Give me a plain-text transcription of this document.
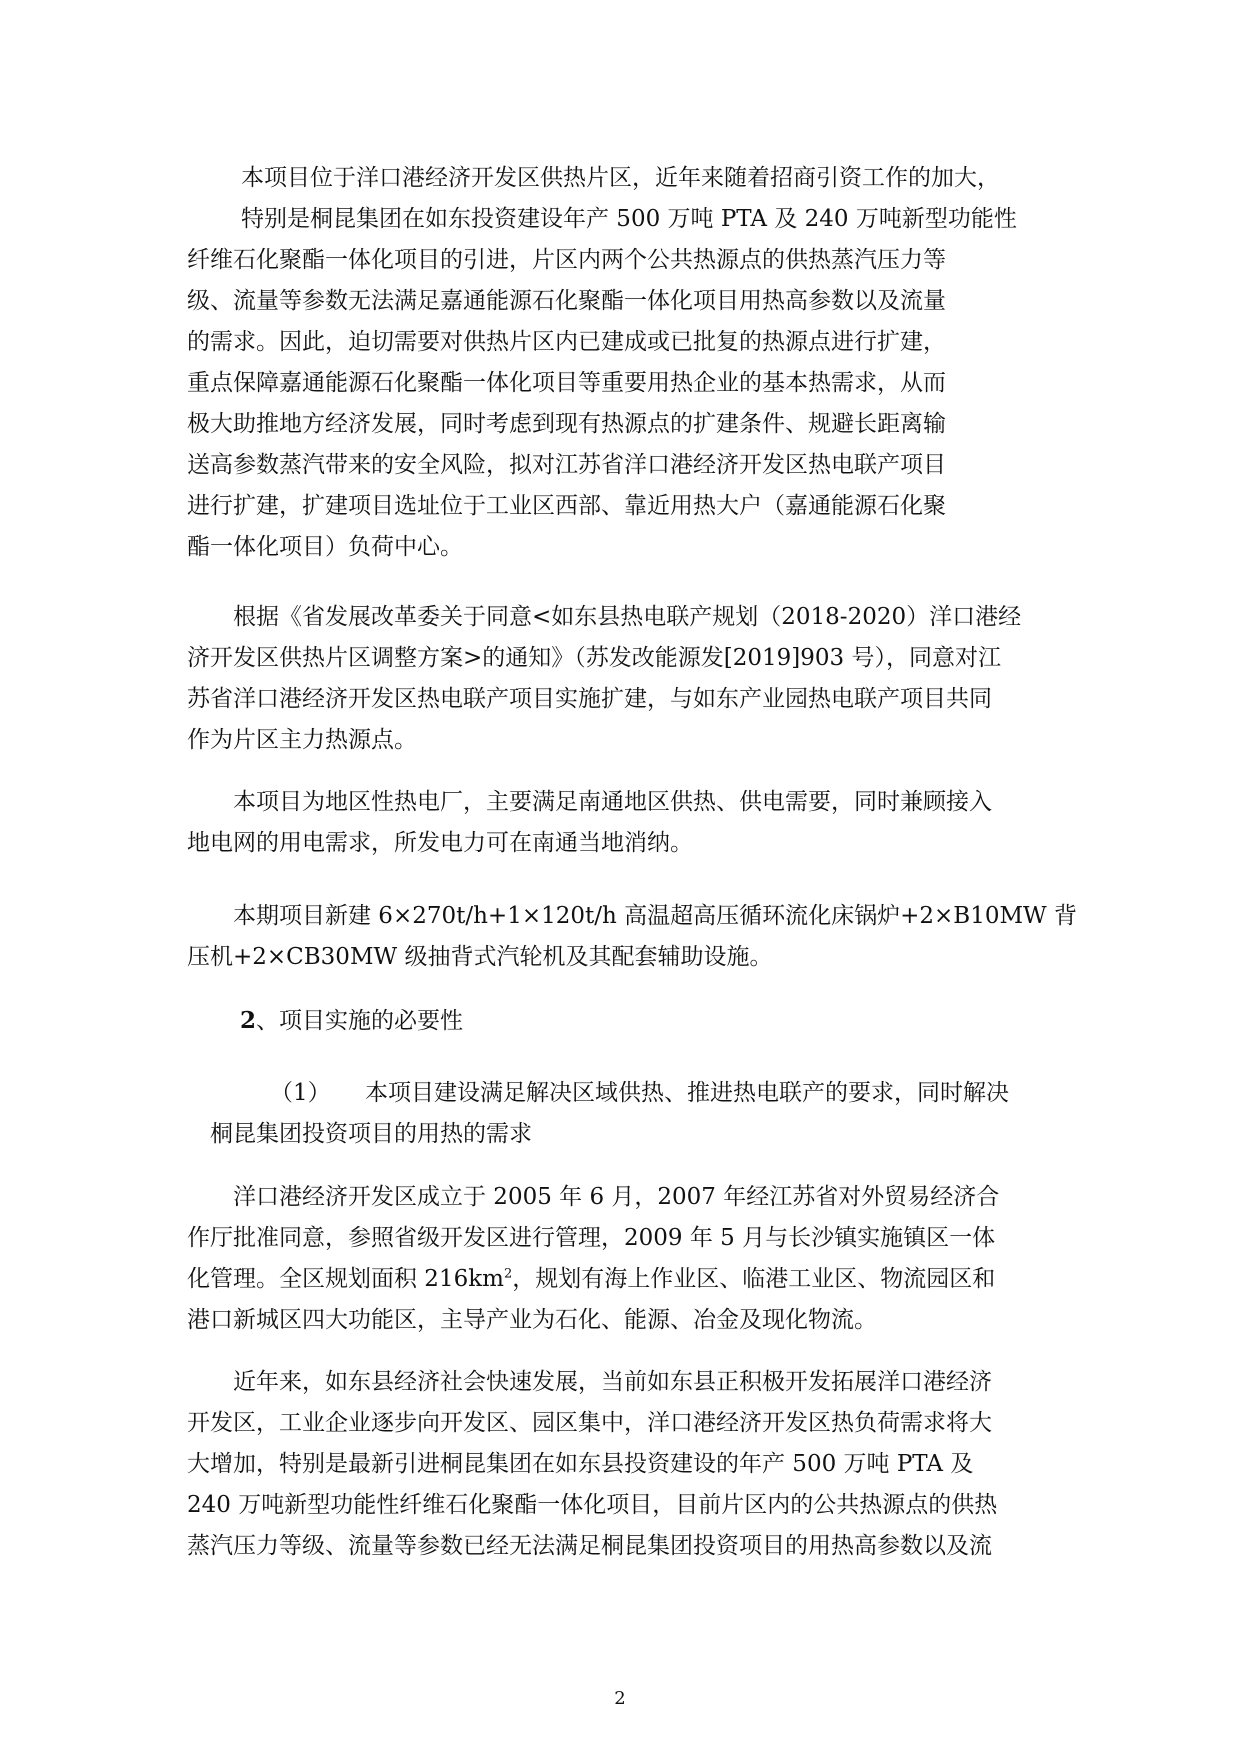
本项目位于洋口港经济开发区供热片区，近年来随着招商引资工作的加大，
特别是桐昆集团在如东投资建设年产 500 万吨 PTA 及 240 万吨新型功能性
纤维石化聚酯一体化项目的引进，片区内两个公共热源点的供热蒸汽压力等
级、流量等参数无法满足嘉通能源石化聚酯一体化项目用热高参数以及流量
的需求。因此，迫切需要对供热片区内已建成或已批复的热源点进行扩建，
重点保障嘉通能源石化聚酯一体化项目等重要用热企业的基本热需求，从而
极大助推地方经济发展，同时考虑到现有热源点的扩建条件、规避长距离输
送高参数蒸汽带来的安全风险，拟对江苏省洋口港经济开发区热电联产项目
进行扩建，扩建项目选址位于工业区西部、靠近用热大户（嘉通能源石化聚
酯一体化项目）负荷中心。
　　根据《省发展改革委关于同意<如东县热电联产规划（2018-2020）洋口港经
济开发区供热片区调整方案>的通知》（苏发改能源发[2019]903 号），同意对江
苏省洋口港经济开发区热电联产项目实施扩建，与如东产业园热电联产项目共同
作为片区主力热源点。
　　本项目为地区性热电厂，主要满足南通地区供热、供电需要，同时兼顾接入
地电网的用电需求，所发电力可在南通当地消纳。
　　本期项目新建 6×270t/h+1×120t/h 高温超高压循环流化床锅炉+2×B10MW 背
压机+2×CB30MW 级抽背式汽轮机及其配套辅助设施。
2、项目实施的必要性
（1） 本项目建设满足解决区域供热、推进热电联产的要求，同时解决
桐昆集团投资项目的用热的需求
　　洋口港经济开发区成立于 2005 年 6 月，2007 年经江苏省对外贸易经济合
作厅批准同意，参照省级开发区进行管理，2009 年 5 月与长沙镇实施镇区一体
化管理。全区规划面积 $216km^2$，规划有海上作业区、临港工业区、物流园区和
港口新城区四大功能区，主导产业为石化、能源、冶金及现化物流。
　　近年来，如东县经济社会快速发展，当前如东县正积极开发拓展洋口港经济
开发区，工业企业逐步向开发区、园区集中，洋口港经济开发区热负荷需求将大
大增加，特别是最新引进桐昆集团在如东县投资建设的年产 500 万吨 PTA 及
240 万吨新型功能性纤维石化聚酯一体化项目，目前片区内的公共热源点的供热
蒸汽压力等级、流量等参数已经无法满足桐昆集团投资项目的用热高参数以及流
2
